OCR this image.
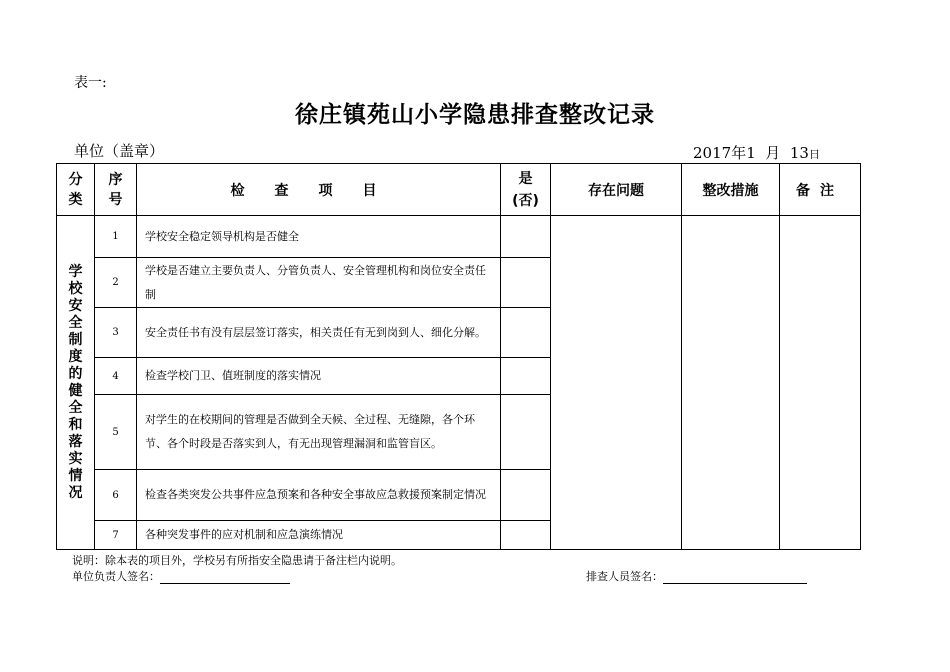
表一:
徐庄镇苑山小学隐患排查整改记录
单位（盖章）	2017年1 月 13日
分类	序号	检查项目	是(否)	存在问题	整改措施	备注
学校安全制度的健全和落实情况	1	学校安全稳定领导机构是否健全				
	2	学校是否建立主要负责人、分管负责人、安全管理机构和岗位安全责任制				
	3	安全责任书有没有层层签订落实，相关责任有无到岗到人、细化分解。				
	4	检查学校门卫、值班制度的落实情况				
	5	对学生的在校期间的管理是否做到全天候、全过程、无缝隙，各个环节、各个时段是否落实到人，有无出现管理漏洞和监管盲区。				
	6	检查各类突发公共事件应急预案和各种安全事故应急救援预案制定情况				
	7	各种突发事件的应对机制和应急演练情况				
说明：除本表的项目外，学校另有所指安全隐患请于备注栏内说明。
单位负责人签名：	排查人员签名：
